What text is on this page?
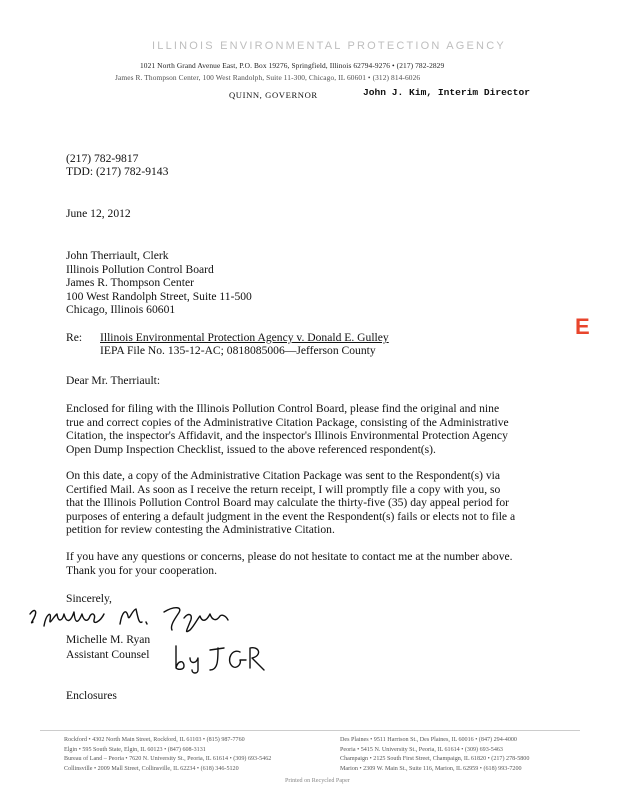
ILLINOIS ENVIRONMENTAL PROTECTION AGENCY
1021 North Grand Avenue East, P.O. Box 19276, Springfield, Illinois 62794-9276 • (217) 782-2829
James R. Thompson Center, 100 West Randolph, Suite 11-300, Chicago, IL 60601 • (312) 814-6026
QUINN, GOVERNOR	John J. Kim, Interim Director
(217) 782-9817
TDD: (217) 782-9143
June 12, 2012
John Therriault, Clerk
Illinois Pollution Control Board
James R. Thompson Center
100 West Randolph Street, Suite 11-500
Chicago, Illinois 60601
Re: Illinois Environmental Protection Agency v. Donald E. Gulley
IEPA File No. 135-12-AC; 0818085006—Jefferson County
E
Dear Mr. Therriault:
Enclosed for filing with the Illinois Pollution Control Board, please find the original and nine
true and correct copies of the Administrative Citation Package, consisting of the Administrative
Citation, the inspector's Affidavit, and the inspector's Illinois Environmental Protection Agency
Open Dump Inspection Checklist, issued to the above referenced respondent(s).
On this date, a copy of the Administrative Citation Package was sent to the Respondent(s) via
Certified Mail. As soon as I receive the return receipt, I will promptly file a copy with you, so
that the Illinois Pollution Control Board may calculate the thirty-five (35) day appeal period for
purposes of entering a default judgment in the event the Respondent(s) fails or elects not to file a
petition for review contesting the Administrative Citation.
If you have any questions or concerns, please do not hesitate to contact me at the number above.
Thank you for your cooperation.
Sincerely,
Michelle M. Ryan
Assistant Counsel
Enclosures
Rockford • 4302 North Main Street, Rockford, IL 61103 • (815) 987-7760
Elgin • 595 South State, Elgin, IL 60123 • (847) 608-3131
Bureau of Land – Peoria • 7620 N. University St., Peoria, IL 61614 • (309) 693-5462
Collinsville • 2009 Mall Street, Collinsville, IL 62234 • (618) 346-5120
Des Plaines • 9511 Harrison St., Des Plaines, IL 60016 • (847) 294-4000
Peoria • 5415 N. University St., Peoria, IL 61614 • (309) 693-5463
Champaign • 2125 South First Street, Champaign, IL 61820 • (217) 278-5800
Marion • 2309 W. Main St., Suite 116, Marion, IL 62959 • (618) 993-7200
Printed on Recycled Paper
